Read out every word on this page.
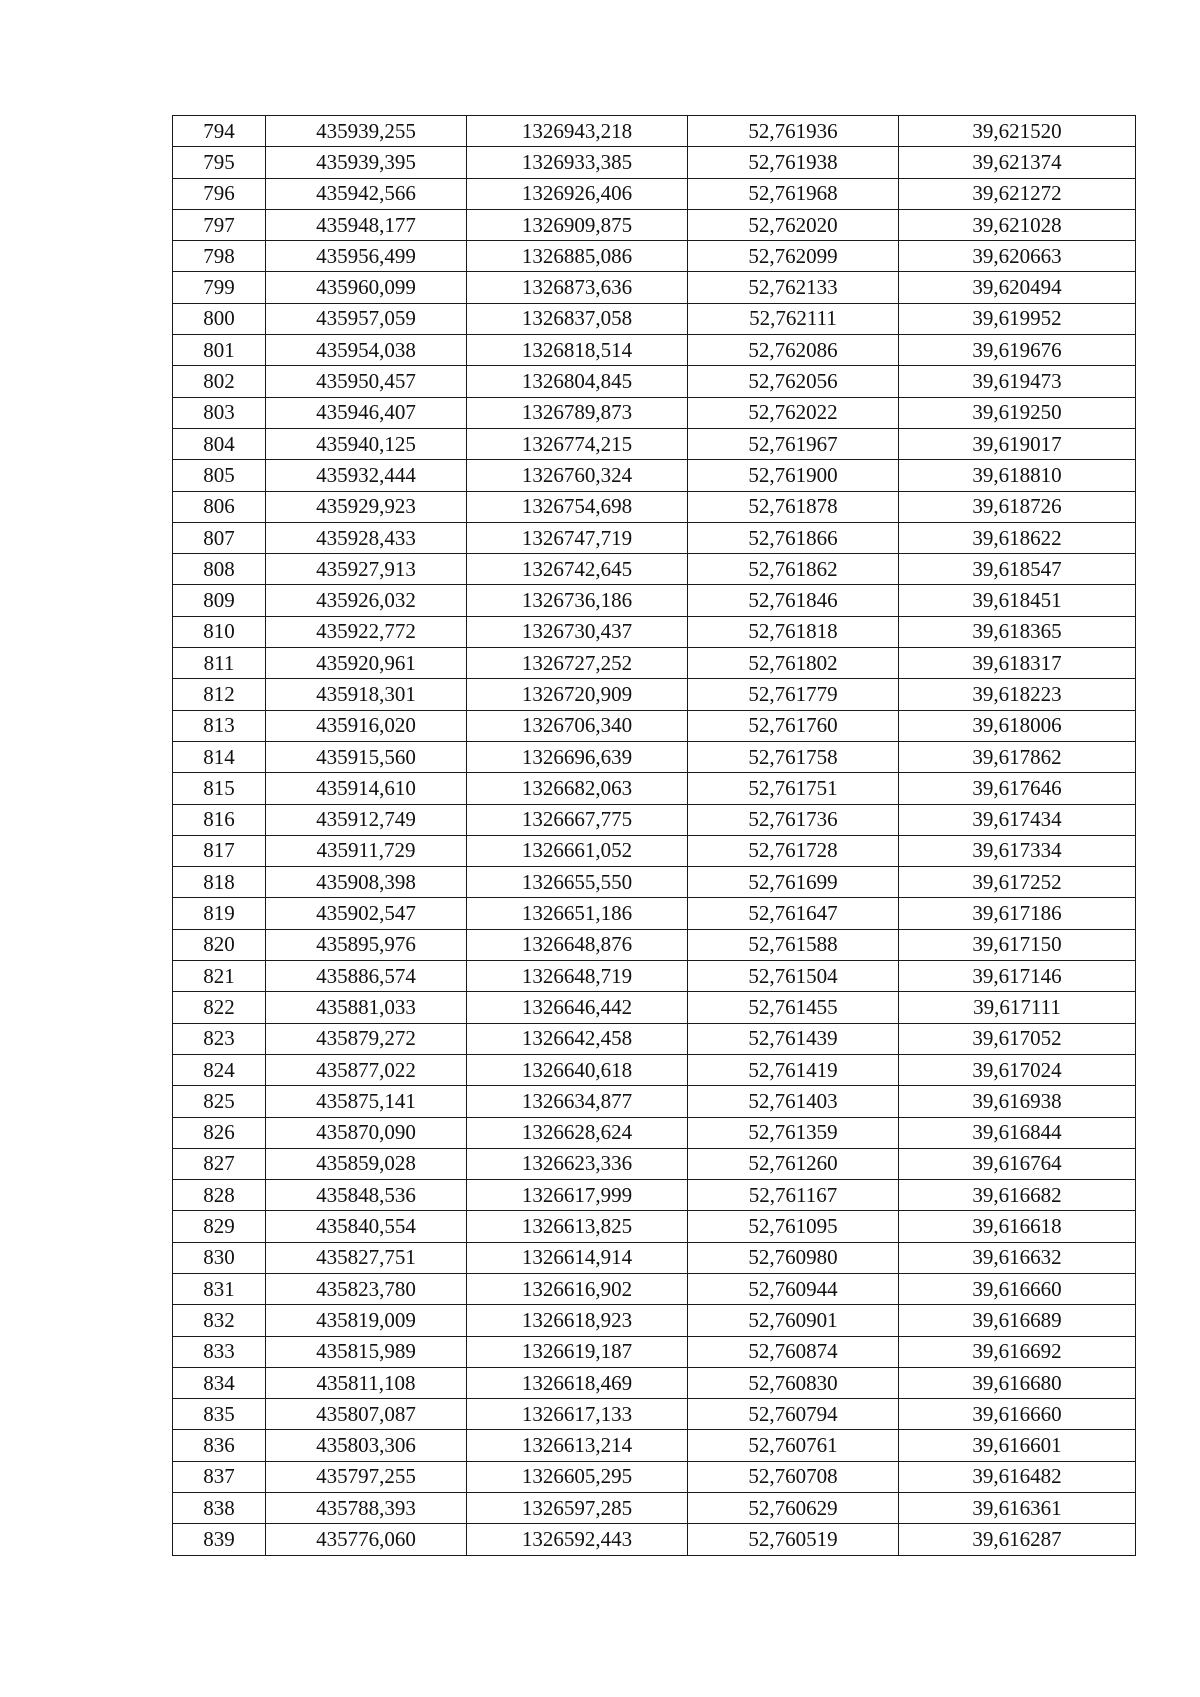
794	435939,255	1326943,218	52,761936	39,621520
795	435939,395	1326933,385	52,761938	39,621374
796	435942,566	1326926,406	52,761968	39,621272
797	435948,177	1326909,875	52,762020	39,621028
798	435956,499	1326885,086	52,762099	39,620663
799	435960,099	1326873,636	52,762133	39,620494
800	435957,059	1326837,058	52,762111	39,619952
801	435954,038	1326818,514	52,762086	39,619676
802	435950,457	1326804,845	52,762056	39,619473
803	435946,407	1326789,873	52,762022	39,619250
804	435940,125	1326774,215	52,761967	39,619017
805	435932,444	1326760,324	52,761900	39,618810
806	435929,923	1326754,698	52,761878	39,618726
807	435928,433	1326747,719	52,761866	39,618622
808	435927,913	1326742,645	52,761862	39,618547
809	435926,032	1326736,186	52,761846	39,618451
810	435922,772	1326730,437	52,761818	39,618365
811	435920,961	1326727,252	52,761802	39,618317
812	435918,301	1326720,909	52,761779	39,618223
813	435916,020	1326706,340	52,761760	39,618006
814	435915,560	1326696,639	52,761758	39,617862
815	435914,610	1326682,063	52,761751	39,617646
816	435912,749	1326667,775	52,761736	39,617434
817	435911,729	1326661,052	52,761728	39,617334
818	435908,398	1326655,550	52,761699	39,617252
819	435902,547	1326651,186	52,761647	39,617186
820	435895,976	1326648,876	52,761588	39,617150
821	435886,574	1326648,719	52,761504	39,617146
822	435881,033	1326646,442	52,761455	39,617111
823	435879,272	1326642,458	52,761439	39,617052
824	435877,022	1326640,618	52,761419	39,617024
825	435875,141	1326634,877	52,761403	39,616938
826	435870,090	1326628,624	52,761359	39,616844
827	435859,028	1326623,336	52,761260	39,616764
828	435848,536	1326617,999	52,761167	39,616682
829	435840,554	1326613,825	52,761095	39,616618
830	435827,751	1326614,914	52,760980	39,616632
831	435823,780	1326616,902	52,760944	39,616660
832	435819,009	1326618,923	52,760901	39,616689
833	435815,989	1326619,187	52,760874	39,616692
834	435811,108	1326618,469	52,760830	39,616680
835	435807,087	1326617,133	52,760794	39,616660
836	435803,306	1326613,214	52,760761	39,616601
837	435797,255	1326605,295	52,760708	39,616482
838	435788,393	1326597,285	52,760629	39,616361
839	435776,060	1326592,443	52,760519	39,616287
